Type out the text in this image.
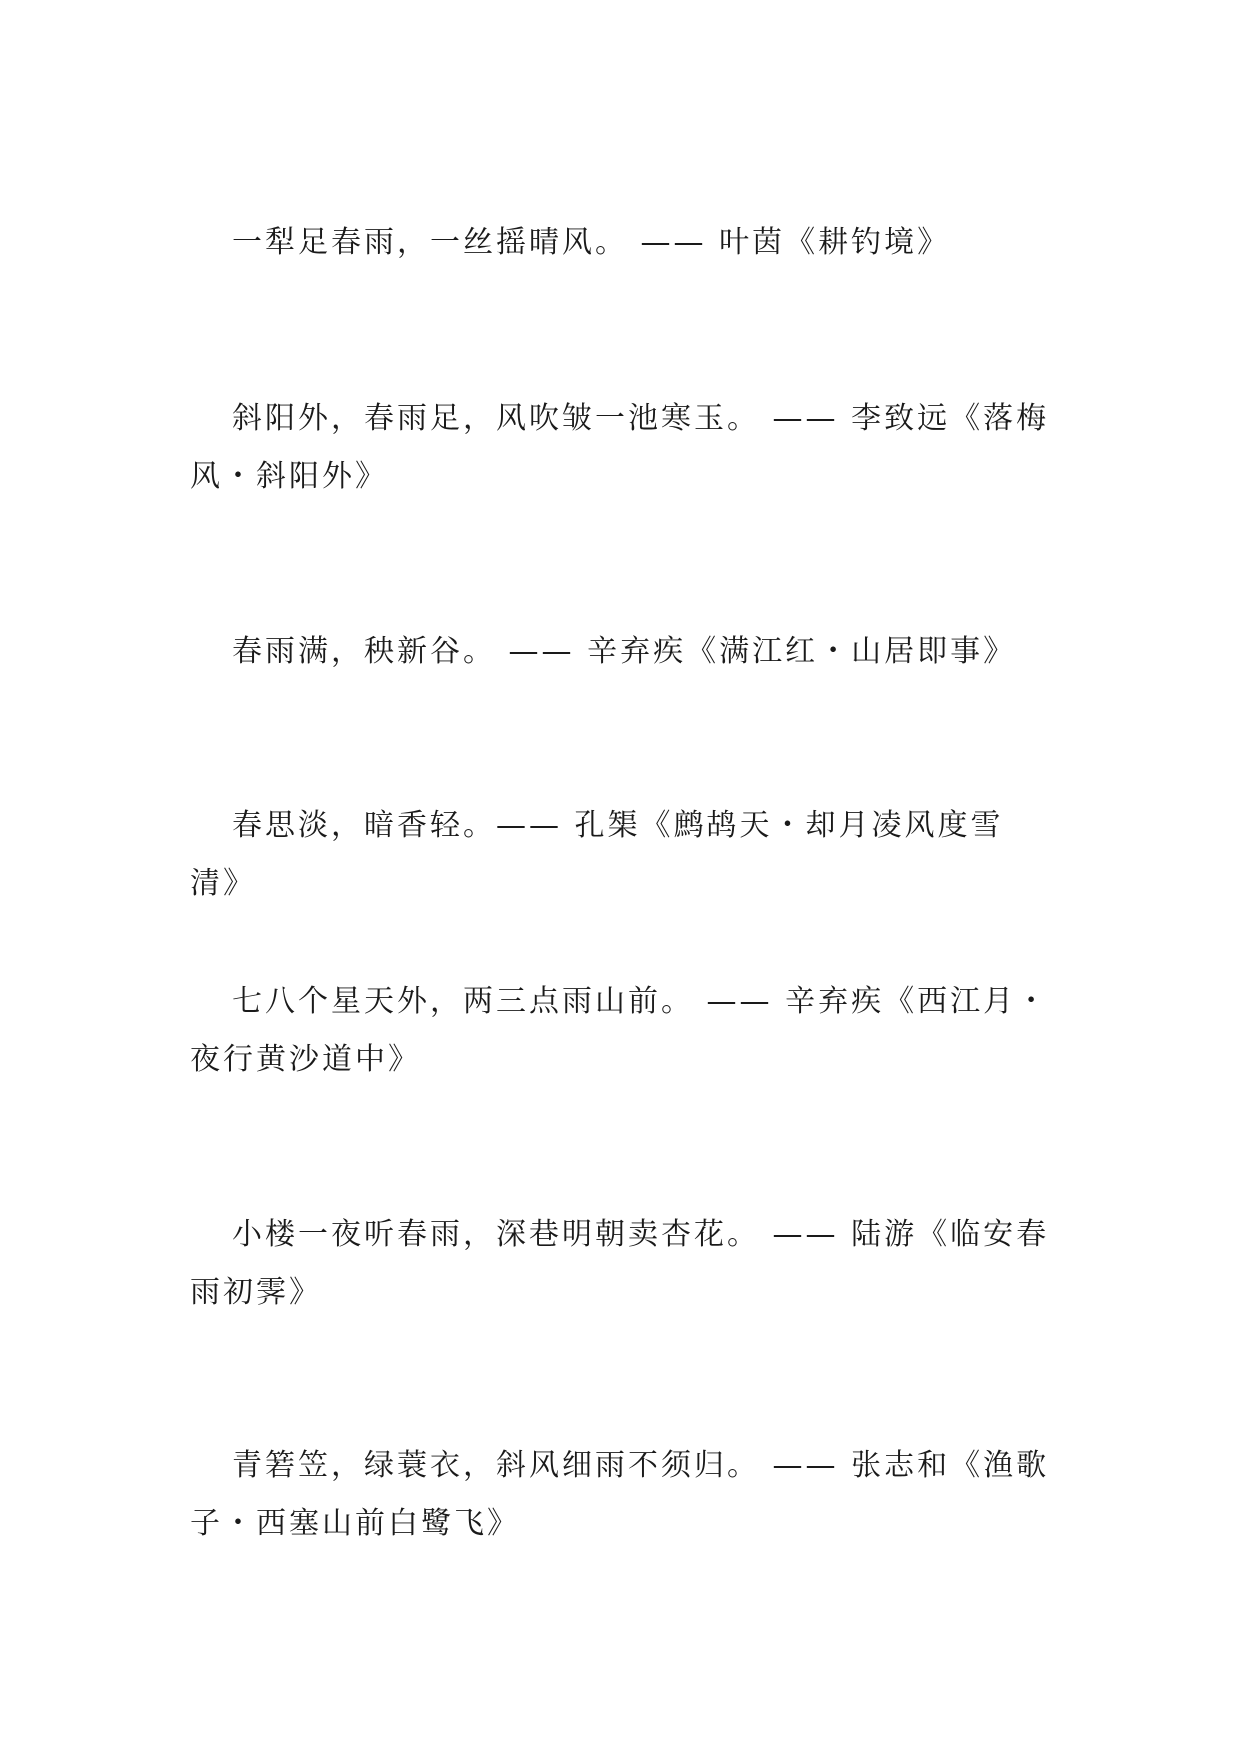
一犁足春雨，一丝摇晴风。 —— 叶茵《耕钓境》

斜阳外，春雨足，风吹皱一池寒玉。 —— 李致远《落梅风・斜阳外》

春雨满，秧新谷。 —— 辛弃疾《满江红・山居即事》

春思淡，暗香轻。—— 孔榘《鹧鸪天・却月凌风度雪清》

七八个星天外，两三点雨山前。 —— 辛弃疾《西江月・夜行黄沙道中》

小楼一夜听春雨，深巷明朝卖杏花。 —— 陆游《临安春雨初霁》

青箬笠，绿蓑衣，斜风细雨不须归。 —— 张志和《渔歌子・西塞山前白鹭飞》
